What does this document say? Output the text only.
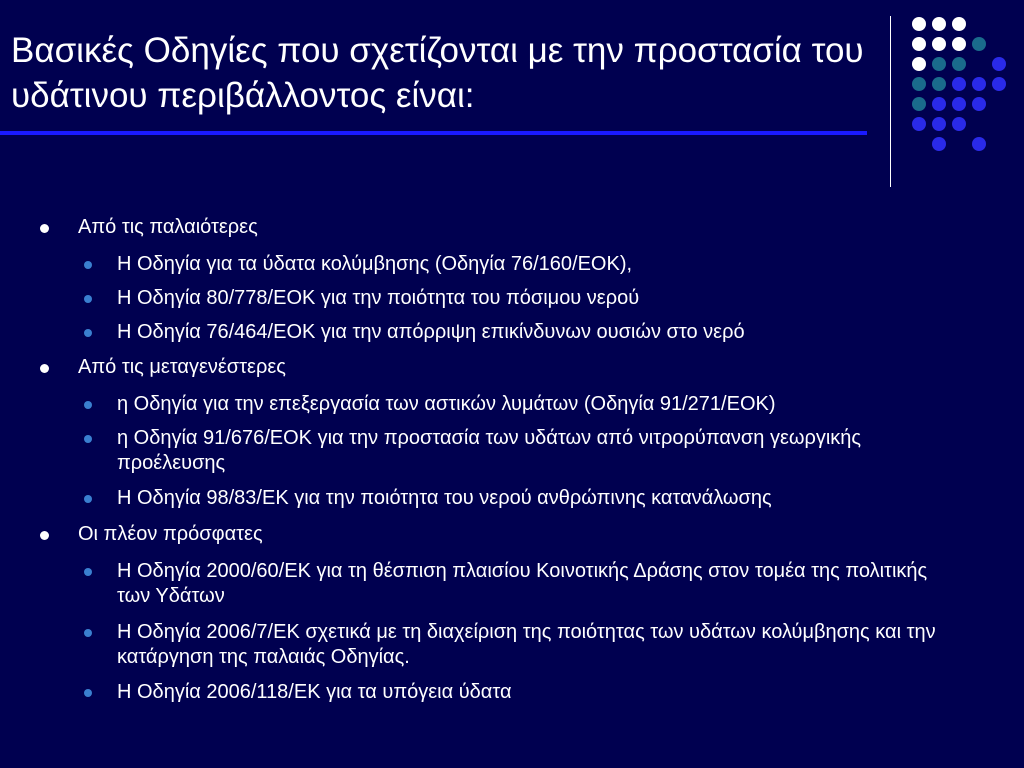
Βασικές Οδηγίες που σχετίζονται με την προστασία του υδάτινου περιβάλλοντος είναι:
Από τις παλαιότερες
Η Οδηγία για τα ύδατα κολύμβησης (Οδηγία 76/160/ΕΟΚ),
Η Οδηγία 80/778/ΕΟΚ για την ποιότητα του πόσιμου νερού
Η Οδηγία 76/464/ΕΟΚ για την απόρριψη επικίνδυνων ουσιών στο νερό
Από τις μεταγενέστερες
η Οδηγία για την επεξεργασία των αστικών λυμάτων (Οδηγία 91/271/ΕΟΚ)
η Οδηγία 91/676/ΕΟΚ για την προστασία των υδάτων από νιτρορύπανση γεωργικής προέλευσης
Η Οδηγία 98/83/ΕΚ για την ποιότητα του νερού ανθρώπινης κατανάλωσης
Οι πλέον πρόσφατες
Η Οδηγία 2000/60/ΕΚ για τη θέσπιση πλαισίου Κοινοτικής Δράσης στον τομέα της πολιτικής των Υδάτων
Η Οδηγία 2006/7/ΕΚ σχετικά με τη διαχείριση της ποιότητας των υδάτων κολύμβησης και την κατάργηση της παλαιάς Οδηγίας.
Η Οδηγία 2006/118/ΕΚ για τα υπόγεια ύδατα
